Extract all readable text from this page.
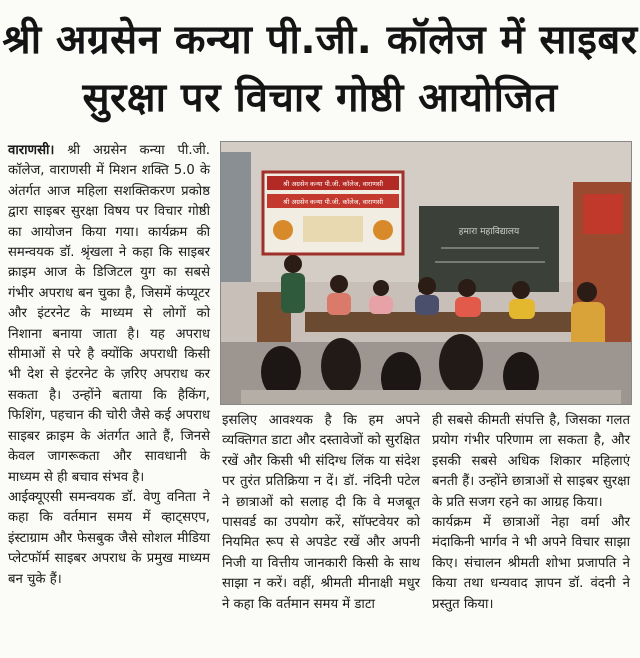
श्री अग्रसेन कन्या पी.जी. कॉलेज में साइबर
सुरक्षा पर विचार गोष्ठी आयोजित

वाराणसी। श्री अग्रसेन कन्या पी.जी. कॉलेज, वाराणसी में मिशन शक्ति 5.0 के अंतर्गत आज महिला सशक्तिकरण प्रकोष्ठ द्वारा साइबर सुरक्षा विषय पर विचार गोष्ठी का आयोजन किया गया। कार्यक्रम की समन्वयक डॉ. श्रृंखला ने कहा कि साइबर क्राइम आज के डिजिटल युग का सबसे गंभीर अपराध बन चुका है, जिसमें कंप्यूटर और इंटरनेट के माध्यम से लोगों को निशाना बनाया जाता है। यह अपराध सीमाओं से परे है क्योंकि अपराधी किसी भी देश से इंटरनेट के ज़रिए अपराध कर सकता है। उन्होंने बताया कि हैकिंग, फिशिंग, पहचान की चोरी जैसे कई अपराध साइबर क्राइम के अंतर्गत आते हैं, जिनसे केवल जागरूकता और सावधानी के माध्यम से ही बचाव संभव है।

आईक्यूएसी समन्वयक डॉ. वेणु वनिता ने कहा कि वर्तमान समय में व्हाट्सएप, इंस्टाग्राम और फेसबुक जैसे सोशल मीडिया प्लेटफॉर्म साइबर अपराध के प्रमुख माध्यम बन चुके हैं।

श्री अग्रसेन कन्या पी.जी. कॉलेज, वाराणसी
श्री अग्रसेन कन्या पी.जी. कॉलेज, वाराणसी
हमारा महाविद्यालय

इसलिए आवश्यक है कि हम अपने व्यक्तिगत डाटा और दस्तावेजों को सुरक्षित रखें और किसी भी संदिग्ध लिंक या संदेश पर तुरंत प्रतिक्रिया न दें। डॉ. नंदिनी पटेल ने छात्राओं को सलाह दी कि वे मजबूत पासवर्ड का उपयोग करें, सॉफ्टवेयर को नियमित रूप से अपडेट रखें और अपनी निजी या वित्तीय जानकारी किसी के साथ साझा न करें। वहीं, श्रीमती मीनाक्षी मधुर ने कहा कि वर्तमान समय में डाटा

ही सबसे कीमती संपत्ति है, जिसका गलत प्रयोग गंभीर परिणाम ला सकता है, और इसकी सबसे अधिक शिकार महिलाएं बनती हैं। उन्होंने छात्राओं से साइबर सुरक्षा के प्रति सजग रहने का आग्रह किया।

कार्यक्रम में छात्राओं नेहा वर्मा और मंदाकिनी भार्गव ने भी अपने विचार साझा किए। संचालन श्रीमती शोभा प्रजापति ने किया तथा धन्यवाद ज्ञापन डॉ. वंदनी ने प्रस्तुत किया।
